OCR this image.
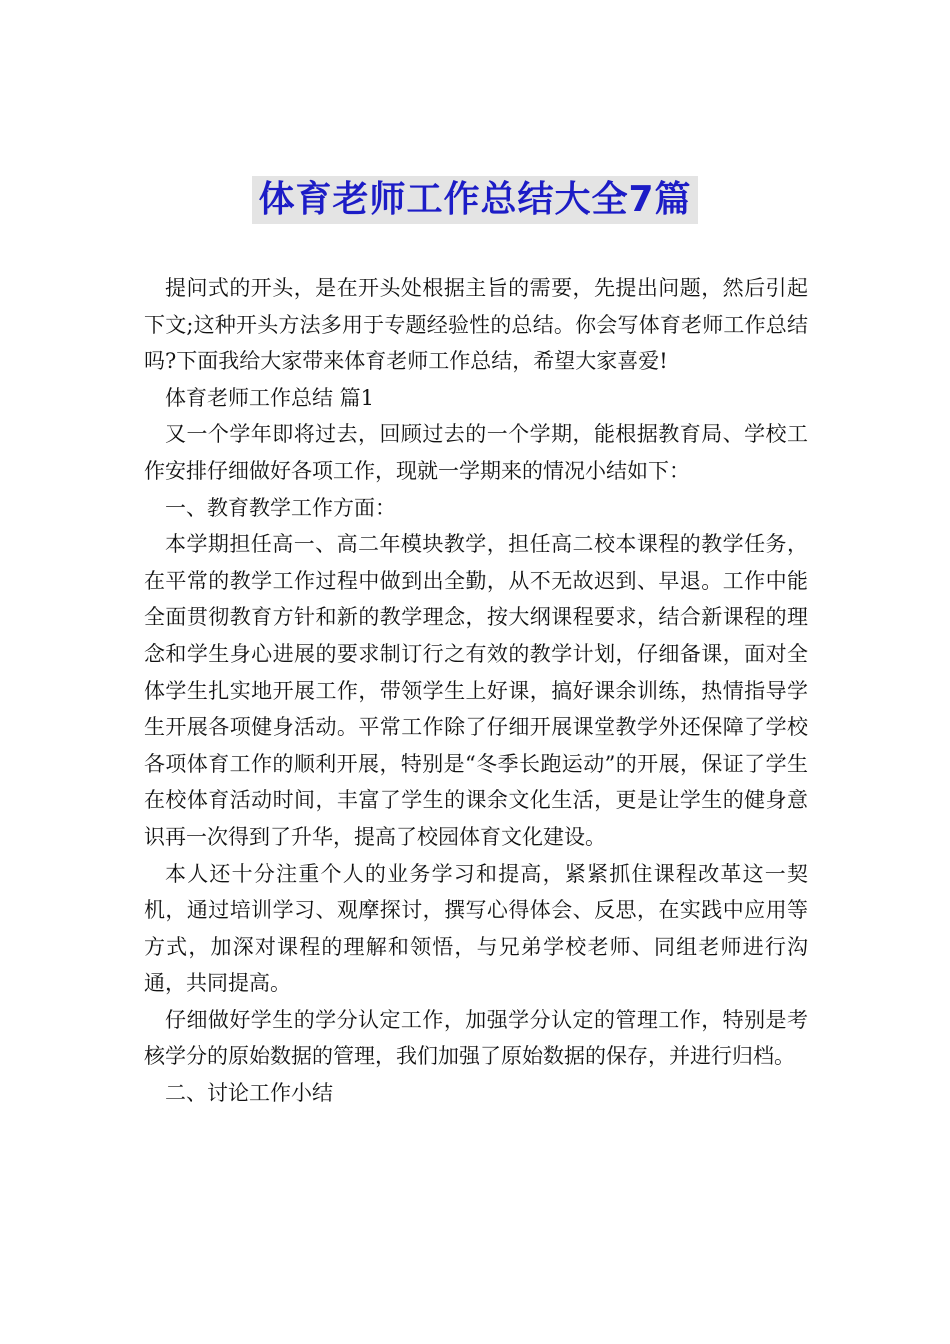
体育老师工作总结大全7篇

提问式的开头，是在开头处根据主旨的需要，先提出问题，然后引起下文;这种开头方法多用于专题经验性的总结。你会写体育老师工作总结吗?下面我给大家带来体育老师工作总结，希望大家喜爱!

体育老师工作总结 篇1

又一个学年即将过去，回顾过去的一个学期，能根据教育局、学校工作安排仔细做好各项工作，现就一学期来的情况小结如下：

一、教育教学工作方面：

本学期担任高一、高二年模块教学，担任高二校本课程的教学任务，在平常的教学工作过程中做到出全勤，从不无故迟到、早退。工作中能全面贯彻教育方针和新的教学理念，按大纲课程要求，结合新课程的理念和学生身心进展的要求制订行之有效的教学计划，仔细备课，面对全体学生扎实地开展工作，带领学生上好课，搞好课余训练，热情指导学生开展各项健身活动。平常工作除了仔细开展课堂教学外还保障了学校各项体育工作的顺利开展，特别是“冬季长跑运动”的开展，保证了学生在校体育活动时间，丰富了学生的课余文化生活，更是让学生的健身意识再一次得到了升华，提高了校园体育文化建设。

本人还十分注重个人的业务学习和提高，紧紧抓住课程改革这一契机，通过培训学习、观摩探讨，撰写心得体会、反思，在实践中应用等方式，加深对课程的理解和领悟，与兄弟学校老师、同组老师进行沟通，共同提高。

仔细做好学生的学分认定工作，加强学分认定的管理工作，特别是考核学分的原始数据的管理，我们加强了原始数据的保存，并进行归档。

二、讨论工作小结
